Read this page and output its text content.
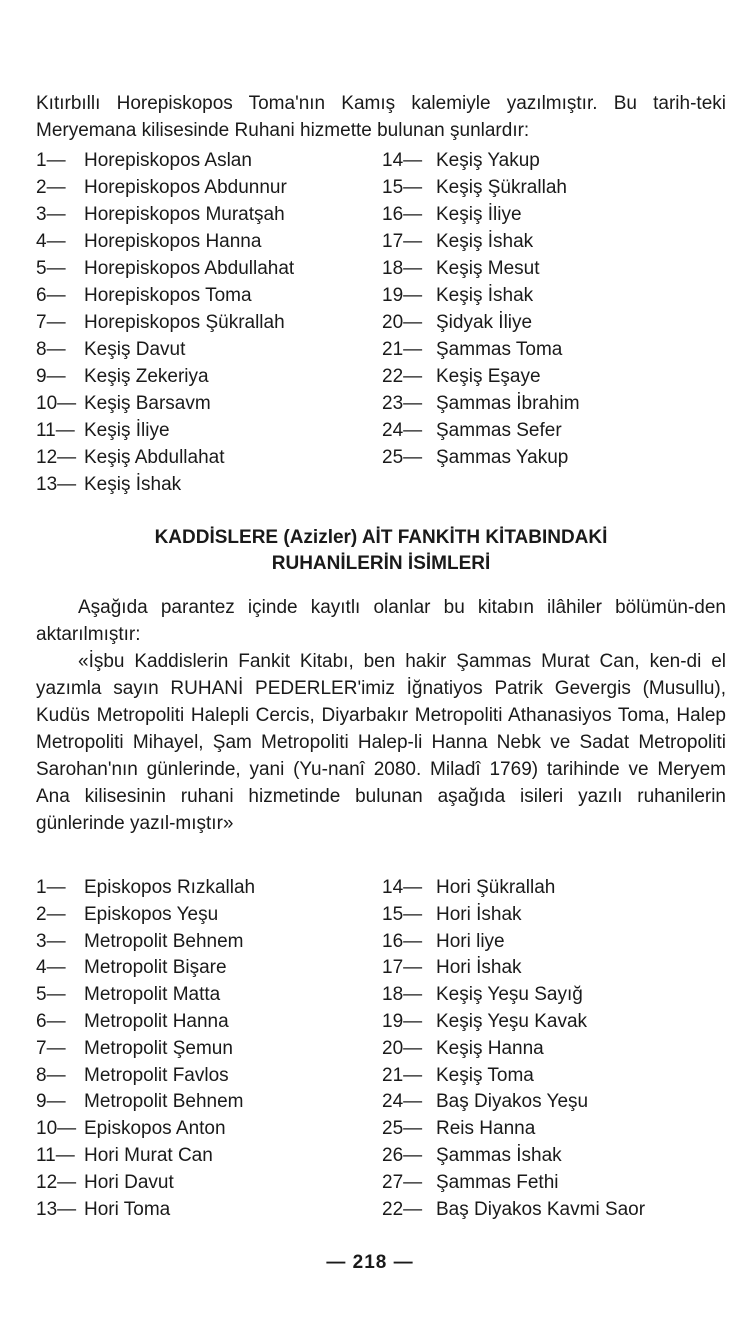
Kıtırbıllı Horepiskopos Toma'nın Kamış kalemiyle yazılmıştır. Bu tarih-teki Meryemana kilisesinde Ruhani hizmette bulunan şunlardır:
1— Horepiskopos Aslan
2— Horepiskopos Abdunnur
3— Horepiskopos Muratşah
4— Horepiskopos Hanna
5— Horepiskopos Abdullahat
6— Horepiskopos Toma
7— Horepiskopos Şükrallah
8— Keşiş Davut
9— Keşiş Zekeriya
10— Keşiş Barsavm
11— Keşiş İliye
12— Keşiş Abdullahat
13— Keşiş İshak
14— Keşiş Yakup
15— Keşiş Şükrallah
16— Keşiş İliye
17— Keşiş İshak
18— Keşiş Mesut
19— Keşiş İshak
20— Şidyak İliye
21— Şammas Toma
22— Keşiş Eşaye
23— Şammas İbrahim
24— Şammas Sefer
25— Şammas Yakup
KADDİSLERE (Azizler) AİT FANKİTH KİTABINDAKİ
RUHANİLERİN İSİMLERİ
Aşağıda parantez içinde kayıtlı olanlar bu kitabın ilâhiler bölümün-den aktarılmıştır:
«İşbu Kaddislerin Fankit Kitabı, ben hakir Şammas Murat Can, ken-di el yazımla sayın RUHANİ PEDERLER'imiz İğnatiyos Patrik Gevergis (Musullu), Kudüs Metropoliti Halepli Cercis, Diyarbakır Metropoliti Athanasiyos Toma, Halep Metropoliti Mihayel, Şam Metropoliti Halep-li Hanna Nebk ve Sadat Metropoliti Sarohan'nın günlerinde, yani (Yu-nanî 2080. Miladî 1769) tarihinde ve Meryem Ana kilisesinin ruhani hizmetinde bulunan aşağıda isileri yazılı ruhanilerin günlerinde yazıl-mıştır»
1— Episkopos Rızkallah
2— Episkopos Yeşu
3— Metropolit Behnem
4— Metropolit Bişare
5— Metropolit Matta
6— Metropolit Hanna
7— Metropolit Şemun
8— Metropolit Favlos
9— Metropolit Behnem
10— Episkopos Anton
11— Hori Murat Can
12— Hori Davut
13— Hori Toma
14— Hori Şükrallah
15— Hori İshak
16— Hori liye
17— Hori İshak
18— Keşiş Yeşu Sayığ
19— Keşiş Yeşu Kavak
20— Keşiş Hanna
21— Keşiş Toma
24— Baş Diyakos Yeşu
25— Reis Hanna
26— Şammas İshak
27— Şammas Fethi
22— Baş Diyakos Kavmi Saor
— 218 —
